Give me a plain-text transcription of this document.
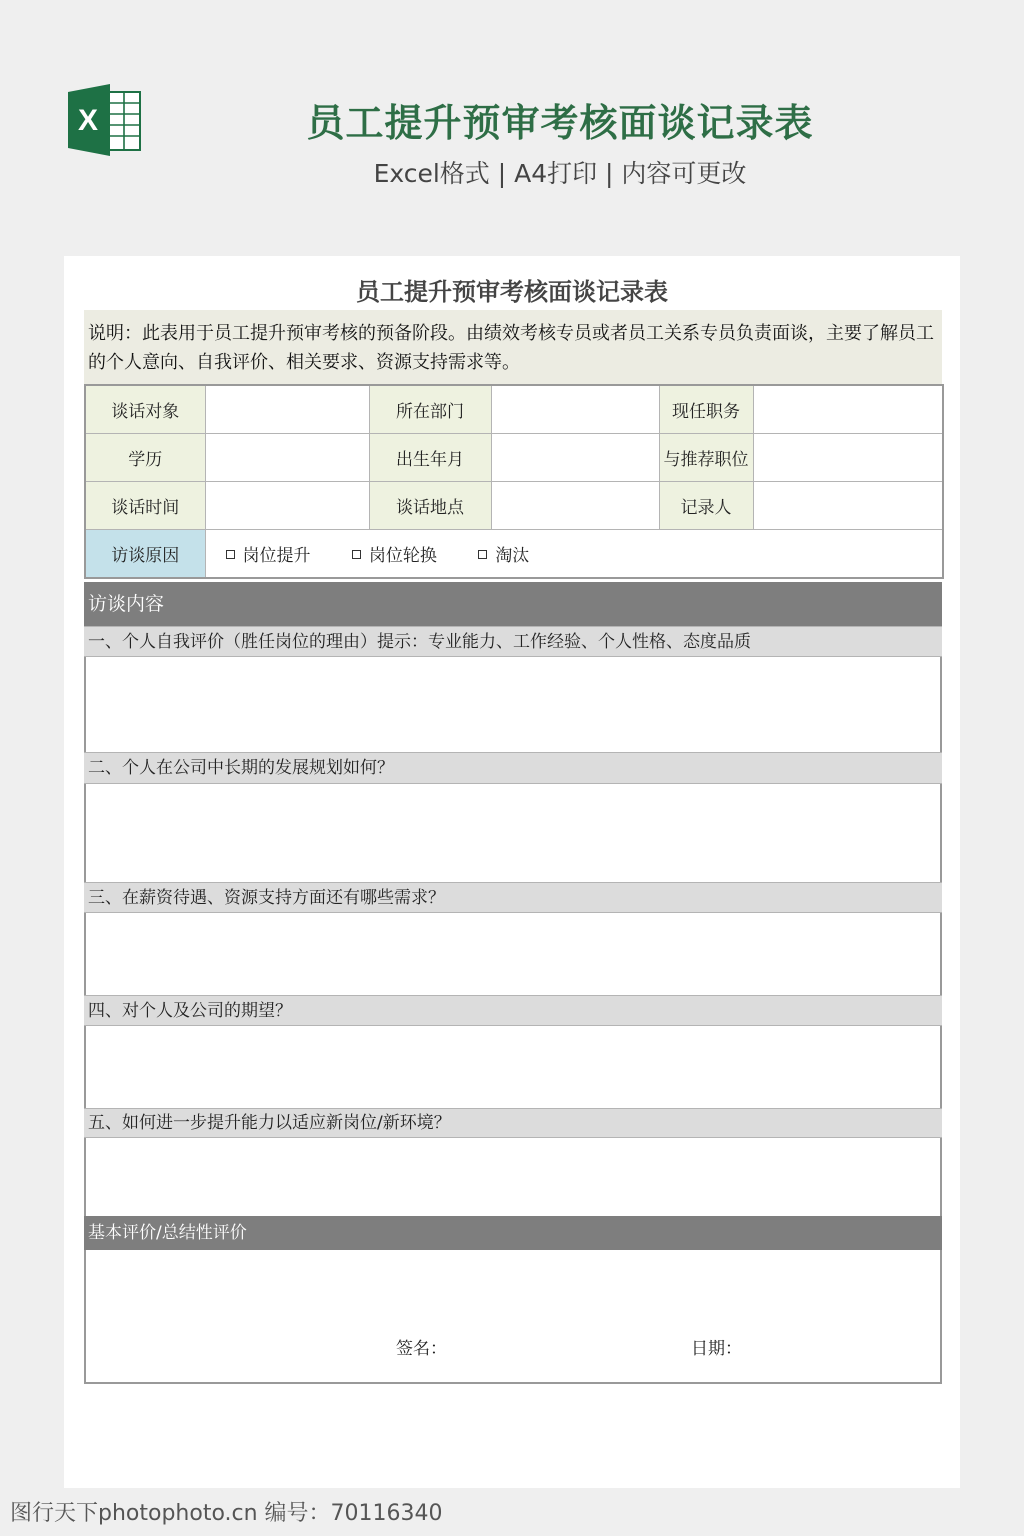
X	员工提升预审考核面谈记录表
Excel格式 | A4打印 | 内容可更改
员工提升预审考核面谈记录表
说明：此表用于员工提升预审考核的预备阶段。由绩效考核专员或者员工关系专员负责面谈，主要了解员工的个人意向、自我评价、相关要求、资源支持需求等。
谈话对象		所在部门		现任职务	
学历		出生年月		与推荐职位	
谈话时间		谈话地点		记录人	
访谈原因	岗位提升 岗位轮换 淘汰				
访谈内容
一、个人自我评价（胜任岗位的理由）提示：专业能力、工作经验、个人性格、态度品质
二、个人在公司中长期的发展规划如何？
三、在薪资待遇、资源支持方面还有哪些需求？
四、对个人及公司的期望？
五、如何进一步提升能力以适应新岗位/新环境？
基本评价/总结性评价
签名：	日期：
图行天下photophoto.cn 编号：70116340
